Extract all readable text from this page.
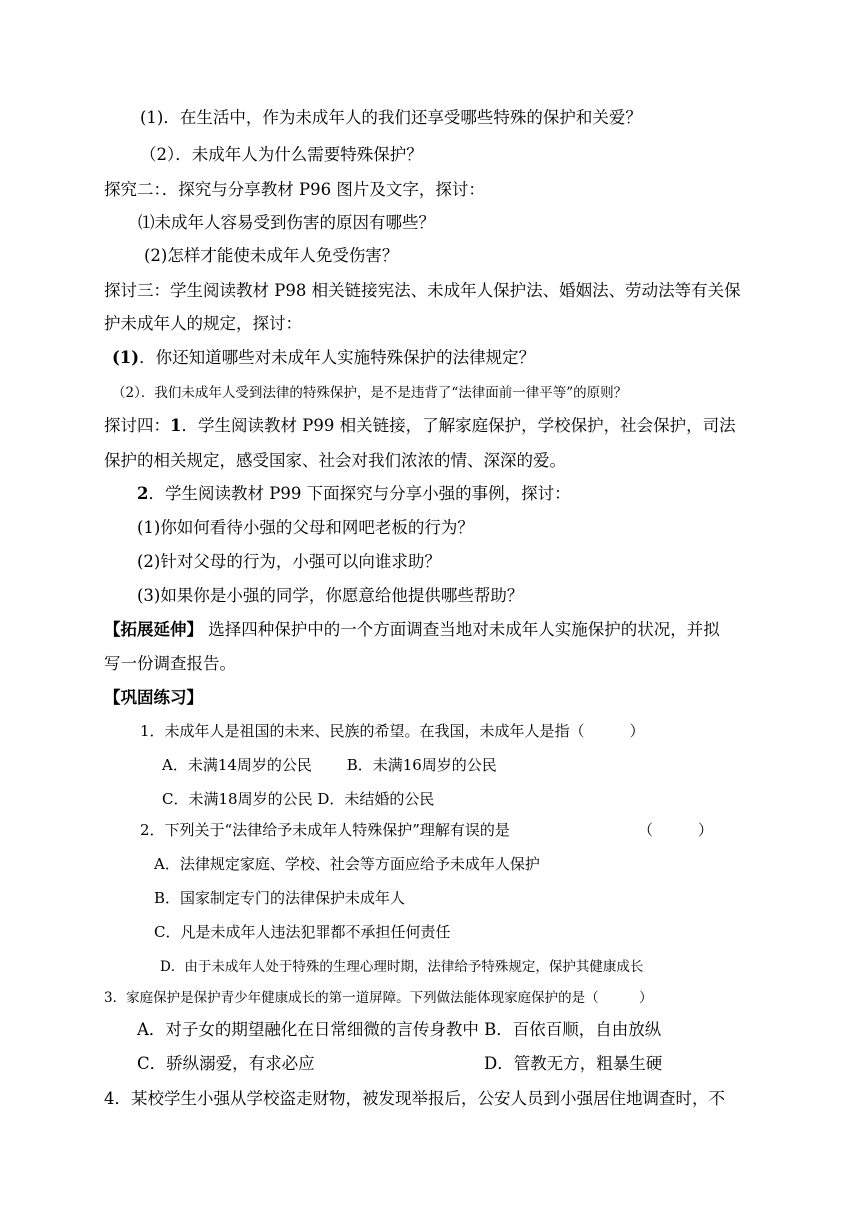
(1)．在生活中，作为未成年人的我们还享受哪些特殊的保护和关爱？
（2）．未成年人为什么需要特殊保护？
探究二：．探究与分享教材 P96 图片及文字，探讨：
⑴未成年人容易受到伤害的原因有哪些？
(2)怎样才能使未成年人免受伤害？
探讨三：学生阅读教材 P98 相关链接宪法、未成年人保护法、婚姻法、劳动法等有关保
护未成年人的规定，探讨：
(1)．你还知道哪些对未成年人实施特殊保护的法律规定？
（2）．我们未成年人受到法律的特殊保护，是不是违背了“法律面前一律平等”的原则？
探讨四：1．学生阅读教材 P99 相关链接，了解家庭保护，学校保护，社会保护，司法
保护的相关规定，感受国家、社会对我们浓浓的情、深深的爱。
2．学生阅读教材 P99 下面探究与分享小强的事例，探讨：
(1)你如何看待小强的父母和网吧老板的行为？
(2)针对父母的行为，小强可以向谁求助？
(3)如果你是小强的同学，你愿意给他提供哪些帮助？
【拓展延伸】 选择四种保护中的一个方面调查当地对未成年人实施保护的状况，并拟
写一份调查报告。
【巩固练习】
1．未成年人是祖国的未来、民族的希望。在我国，未成年人是指（　　　）
A．未满14周岁的公民　　 B．未满16周岁的公民
C．未满18周岁的公民 D．未结婚的公民
2．下列关于“法律给予未成年人特殊保护”理解有误的是	（　　　）
A．法律规定家庭、学校、社会等方面应给予未成年人保护
B．国家制定专门的法律保护未成年人
C．凡是未成年人违法犯罪都不承担任何责任
D．由于未成年人处于特殊的生理心理时期，法律给予特殊规定，保护其健康成长
3．家庭保护是保护青少年健康成长的第一道屏障。下列做法能体现家庭保护的是（　　　）
A．对子女的期望融化在日常细微的言传身教中 B．百依百顺，自由放纵
C．骄纵溺爱，有求必应	D．管教无方，粗暴生硬
4．某校学生小强从学校盗走财物，被发现举报后，公安人员到小强居住地调查时，不
